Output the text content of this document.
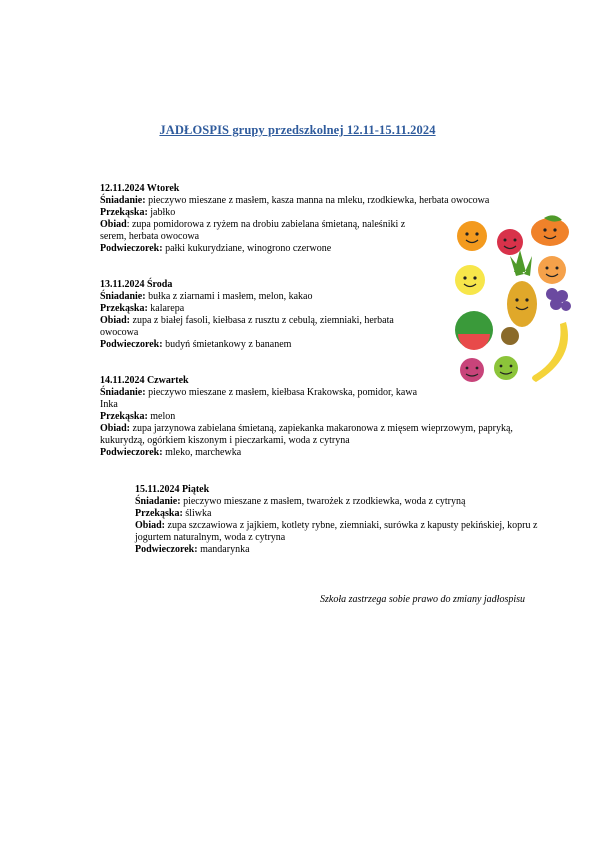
JADŁOSPIS grupy przedszkolnej 12.11-15.11.2024
12.11.2024 Wtorek
Śniadanie: pieczywo mieszane z masłem, kasza manna na mleku, rzodkiewka, herbata owocowa
Przekąska: jabłko
Obiad: zupa pomidorowa z ryżem na drobiu zabielana śmietaną, naleśniki z serem, herbata owocowa
Podwieczorek: pałki kukurydziane, winogrono czerwone
13.11.2024 Środa
Śniadanie: bułka z ziarnami i masłem, melon, kakao
Przekąska: kalarepa
Obiad: zupa z białej fasoli, kiełbasa z rusztu z cebulą, ziemniaki, herbata owocowa
Podwieczorek: budyń śmietankowy z bananem
14.11.2024 Czwartek
Śniadanie: pieczywo mieszane z masłem, kiełbasa Krakowska, pomidor, kawa Inka
Przekąska: melon
Obiad: zupa jarzynowa zabielana śmietaną, zapiekanka makaronowa z mięsem wieprzowym, papryką, kukurydzą, ogórkiem kiszonym i pieczarkami, woda z cytryna
Podwieczorek: mleko, marchewka
15.11.2024 Piątek
Śniadanie: pieczywo mieszane z masłem, twarożek z rzodkiewka, woda z cytryną
Przekąska: śliwka
Obiad: zupa szczawiowa z jajkiem, kotlety rybne, ziemniaki, surówka z kapusty pekińskiej, kopru z jogurtem naturalnym, woda z cytryna
Podwieczorek: mandarynka
Szkoła zastrzega sobie prawo do zmiany jadłospisu
